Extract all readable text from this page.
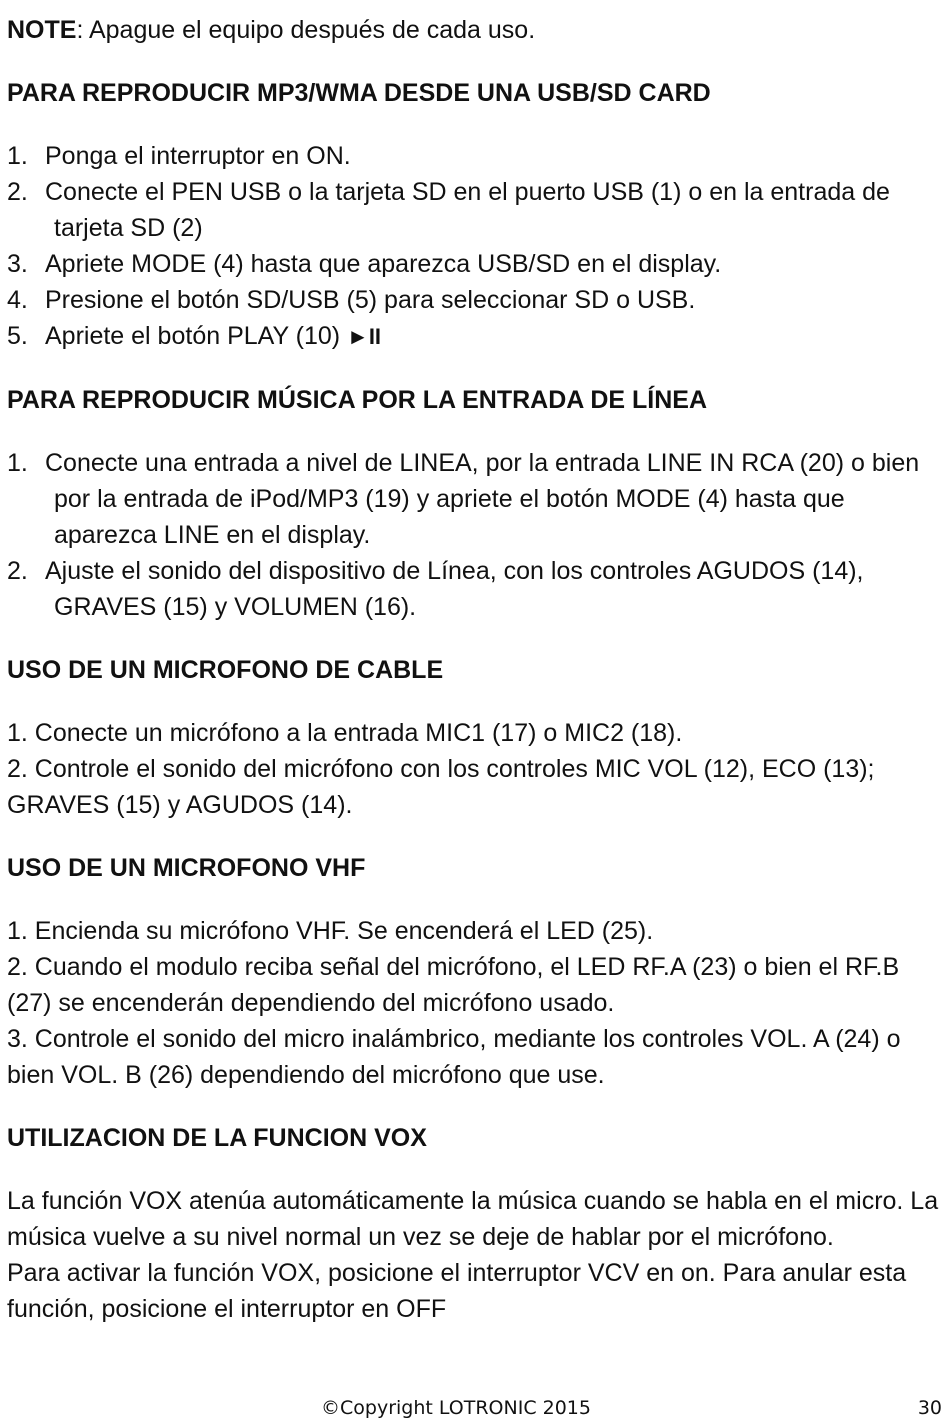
NOTE: Apague el equipo después de cada uso.

PARA REPRODUCIR MP3/WMA DESDE UNA USB/SD CARD
1. Ponga el interruptor en ON.
2. Conecte el PEN USB o la tarjeta SD en el puerto USB (1) o en la entrada de tarjeta SD (2)
3. Apriete MODE (4) hasta que aparezca USB/SD en el display.
4. Presione el botón SD/USB (5) para seleccionar SD o USB.
5. Apriete el botón PLAY (10) ►II
PARA REPRODUCIR MÚSICA POR LA ENTRADA DE LÍNEA
1. Conecte una entrada a nivel de LINEA, por la entrada LINE IN RCA (20) o bien por la entrada de iPod/MP3 (19) y apriete el botón MODE (4) hasta que aparezca LINE en el display.
2. Ajuste el sonido del dispositivo de Línea, con los controles AGUDOS (14), GRAVES (15) y VOLUMEN (16).
USO DE UN MICROFONO DE CABLE

1. Conecte un micrófono a la entrada MIC1 (17) o MIC2 (18).

2. Controle el sonido del micrófono con los controles MIC VOL (12), ECO (13); GRAVES (15) y AGUDOS (14).

USO DE UN MICROFONO VHF

1. Encienda su micrófono VHF. Se encenderá el LED (25).

2. Cuando el modulo reciba señal del micrófono, el LED RF.A (23) o bien el RF.B (27) se encenderán dependiendo del micrófono usado.

3. Controle el sonido del micro inalámbrico, mediante los controles VOL. A (24) o bien VOL. B (26) dependiendo del micrófono que use.

UTILIZACION DE LA FUNCION VOX

La función VOX atenúa automáticamente la música cuando se habla en el micro. La música vuelve a su nivel normal un vez se deje de hablar por el micrófono.

Para activar la función VOX, posicione el interruptor VCV en on. Para anular esta función, posicione el interruptor en OFF

©Copyright LOTRONIC 2015	30
